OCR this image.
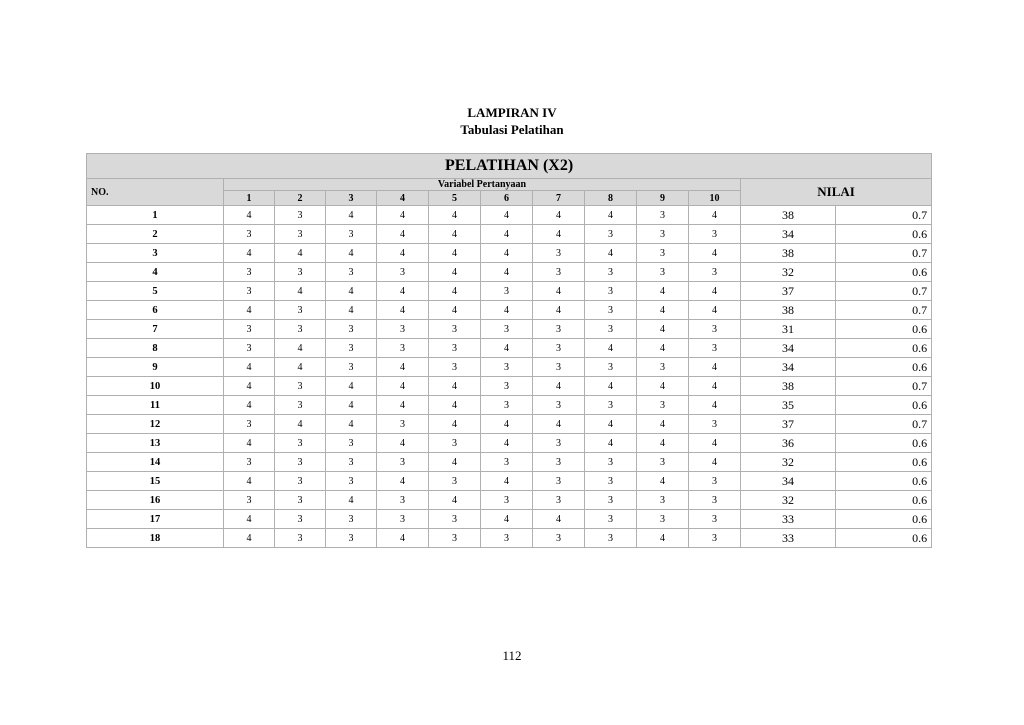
LAMPIRAN IV
Tabulasi Pelatihan
PELATIHAN (X2)												
NO.	Variabel Pertanyaan										NILAI	
	1	2	3	4	5	6	7	8	9	10		
1	4	3	4	4	4	4	4	4	3	4	38	0.7
2	3	3	3	4	4	4	4	3	3	3	34	0.6
3	4	4	4	4	4	4	3	4	3	4	38	0.7
4	3	3	3	3	4	4	3	3	3	3	32	0.6
5	3	4	4	4	4	3	4	3	4	4	37	0.7
6	4	3	4	4	4	4	4	3	4	4	38	0.7
7	3	3	3	3	3	3	3	3	4	3	31	0.6
8	3	4	3	3	3	4	3	4	4	3	34	0.6
9	4	4	3	4	3	3	3	3	3	4	34	0.6
10	4	3	4	4	4	3	4	4	4	4	38	0.7
11	4	3	4	4	4	3	3	3	3	4	35	0.6
12	3	4	4	3	4	4	4	4	4	3	37	0.7
13	4	3	3	4	3	4	3	4	4	4	36	0.6
14	3	3	3	3	4	3	3	3	3	4	32	0.6
15	4	3	3	4	3	4	3	3	4	3	34	0.6
16	3	3	4	3	4	3	3	3	3	3	32	0.6
17	4	3	3	3	3	4	4	3	3	3	33	0.6
18	4	3	3	4	3	3	3	3	4	3	33	0.6
112
